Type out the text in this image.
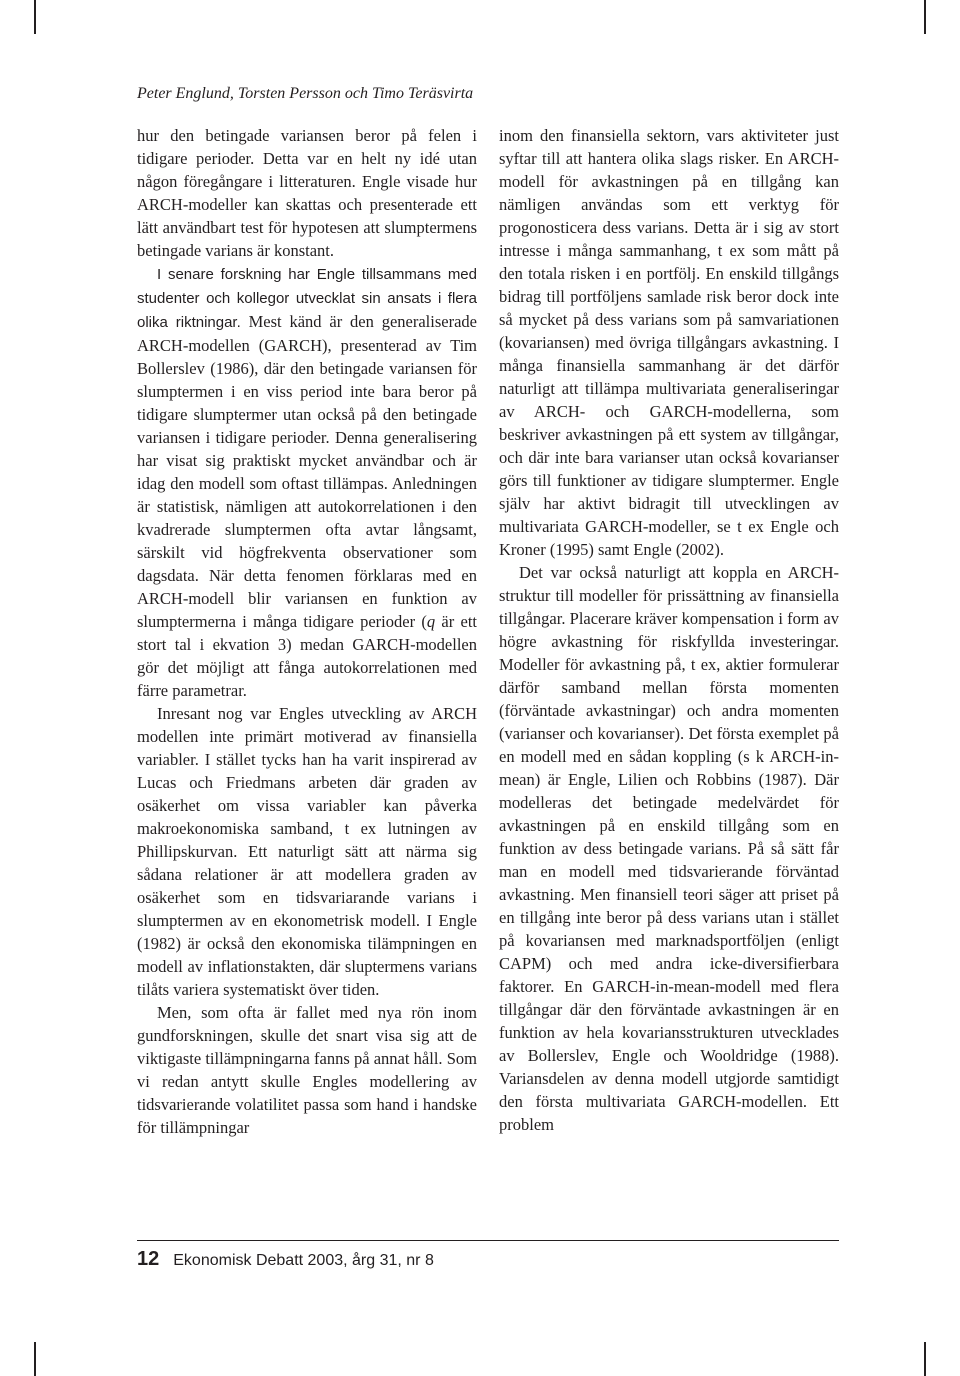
Peter Englund, Torsten Persson och Timo Teräsvirta

hur den betingade variansen beror på felen i tidigare perioder. Detta var en helt ny idé utan någon föregångare i litteraturen. Engle visade hur ARCH-modeller kan skattas och presenterade ett lätt användbart test för hypotesen att slumptermens betingade varians är konstant.

I senare forskning har Engle tillsammans med studenter och kollegor utvecklat sin ansats i flera olika riktningar. Mest känd är den generaliserade ARCH-modellen (GARCH), presenterad av Tim Bollerslev (1986), där den betingade variansen för slumptermen i en viss period inte bara beror på tidigare slumptermer utan också på den betingade variansen i tidigare perioder. Denna generalisering har visat sig praktiskt mycket användbar och är idag den modell som oftast tillämpas. Anledningen är statistisk, nämligen att autokorrelationen i den kvadrerade slumptermen ofta avtar långsamt, särskilt vid högfrekventa observationer som dagsdata. När detta fenomen förklaras med en ARCH-modell blir variansen en funktion av slumptermerna i många tidigare perioder (q är ett stort tal i ekvation 3) medan GARCH-modellen gör det möjligt att fånga autokorrelationen med färre parametrar.

Inresant nog var Engles utveckling av ARCH modellen inte primärt motiverad av finansiella variabler. I stället tycks han ha varit inspirerad av Lucas och Friedmans arbeten där graden av osäkerhet om vissa variabler kan påverka makroekonomiska samband, t ex lutningen av Phillipskurvan. Ett naturligt sätt att närma sig sådana relationer är att modellera graden av osäkerhet som en tidsvariarande varians i slumptermen av en ekonometrisk modell. I Engle (1982) är också den ekonomiska tilämpningen en modell av inflationstakten, där sluptermens varians tilåts variera systematiskt över tiden.

Men, som ofta är fallet med nya rön inom gundforskningen, skulle det snart visa sig att de viktigaste tillämpningarna fanns på annat håll. Som vi redan antytt skulle Engles modellering av tidsvarierande volatilitet passa som hand i handske för tillämpningar

inom den finansiella sektorn, vars aktiviteter just syftar till att hantera olika slags risker. En ARCH-modell för avkastningen på en tillgång kan nämligen användas som ett verktyg för progonosticera dess varians. Detta är i sig av stort intresse i många sammanhang, t ex som mått på den totala risken i en portfölj. En enskild tillgångs bidrag till portföljens samlade risk beror dock inte så mycket på dess varians som på samvariationen (kovariansen) med övriga tillgångars avkastning. I många finansiella sammanhang är det därför naturligt att tillämpa multivariata generaliseringar av ARCH- och GARCH-modellerna, som beskriver avkastningen på ett system av tillgångar, och där inte bara varianser utan också kovarianser görs till funktioner av tidigare slumptermer. Engle själv har aktivt bidragit till utvecklingen av multivariata GARCH-modeller, se t ex Engle och Kroner (1995) samt Engle (2002).

Det var också naturligt att koppla en ARCH-struktur till modeller för prissättning av finansiella tillgångar. Placerare kräver kompensation i form av högre avkastning för riskfyllda investeringar. Modeller för avkastning på, t ex, aktier formulerar därför samband mellan första momenten (förväntade avkastningar) och andra momenten (varianser och kovarianser). Det första exemplet på en modell med en sådan koppling (s k ARCH-in-mean) är Engle, Lilien och Robbins (1987). Där modelleras det betingade medelvärdet för avkastningen på en enskild tillgång som en funktion av dess betingade varians. På så sätt får man en modell med tidsvarierande förväntad avkastning. Men finansiell teori säger att priset på en tillgång inte beror på dess varians utan i stället på kovariansen med marknadsportföljen (enligt CAPM) och med andra icke-diversifierbara faktorer. En GARCH-in-mean-modell med flera tillgångar där den förväntade avkastningen är en funktion av hela kovariansstrukturen utvecklades av Bollerslev, Engle och Wooldridge (1988). Variansdelen av denna modell utgjorde samtidigt den första multivariata GARCH-modellen. Ett problem

12 Ekonomisk Debatt 2003, årg 31, nr 8
